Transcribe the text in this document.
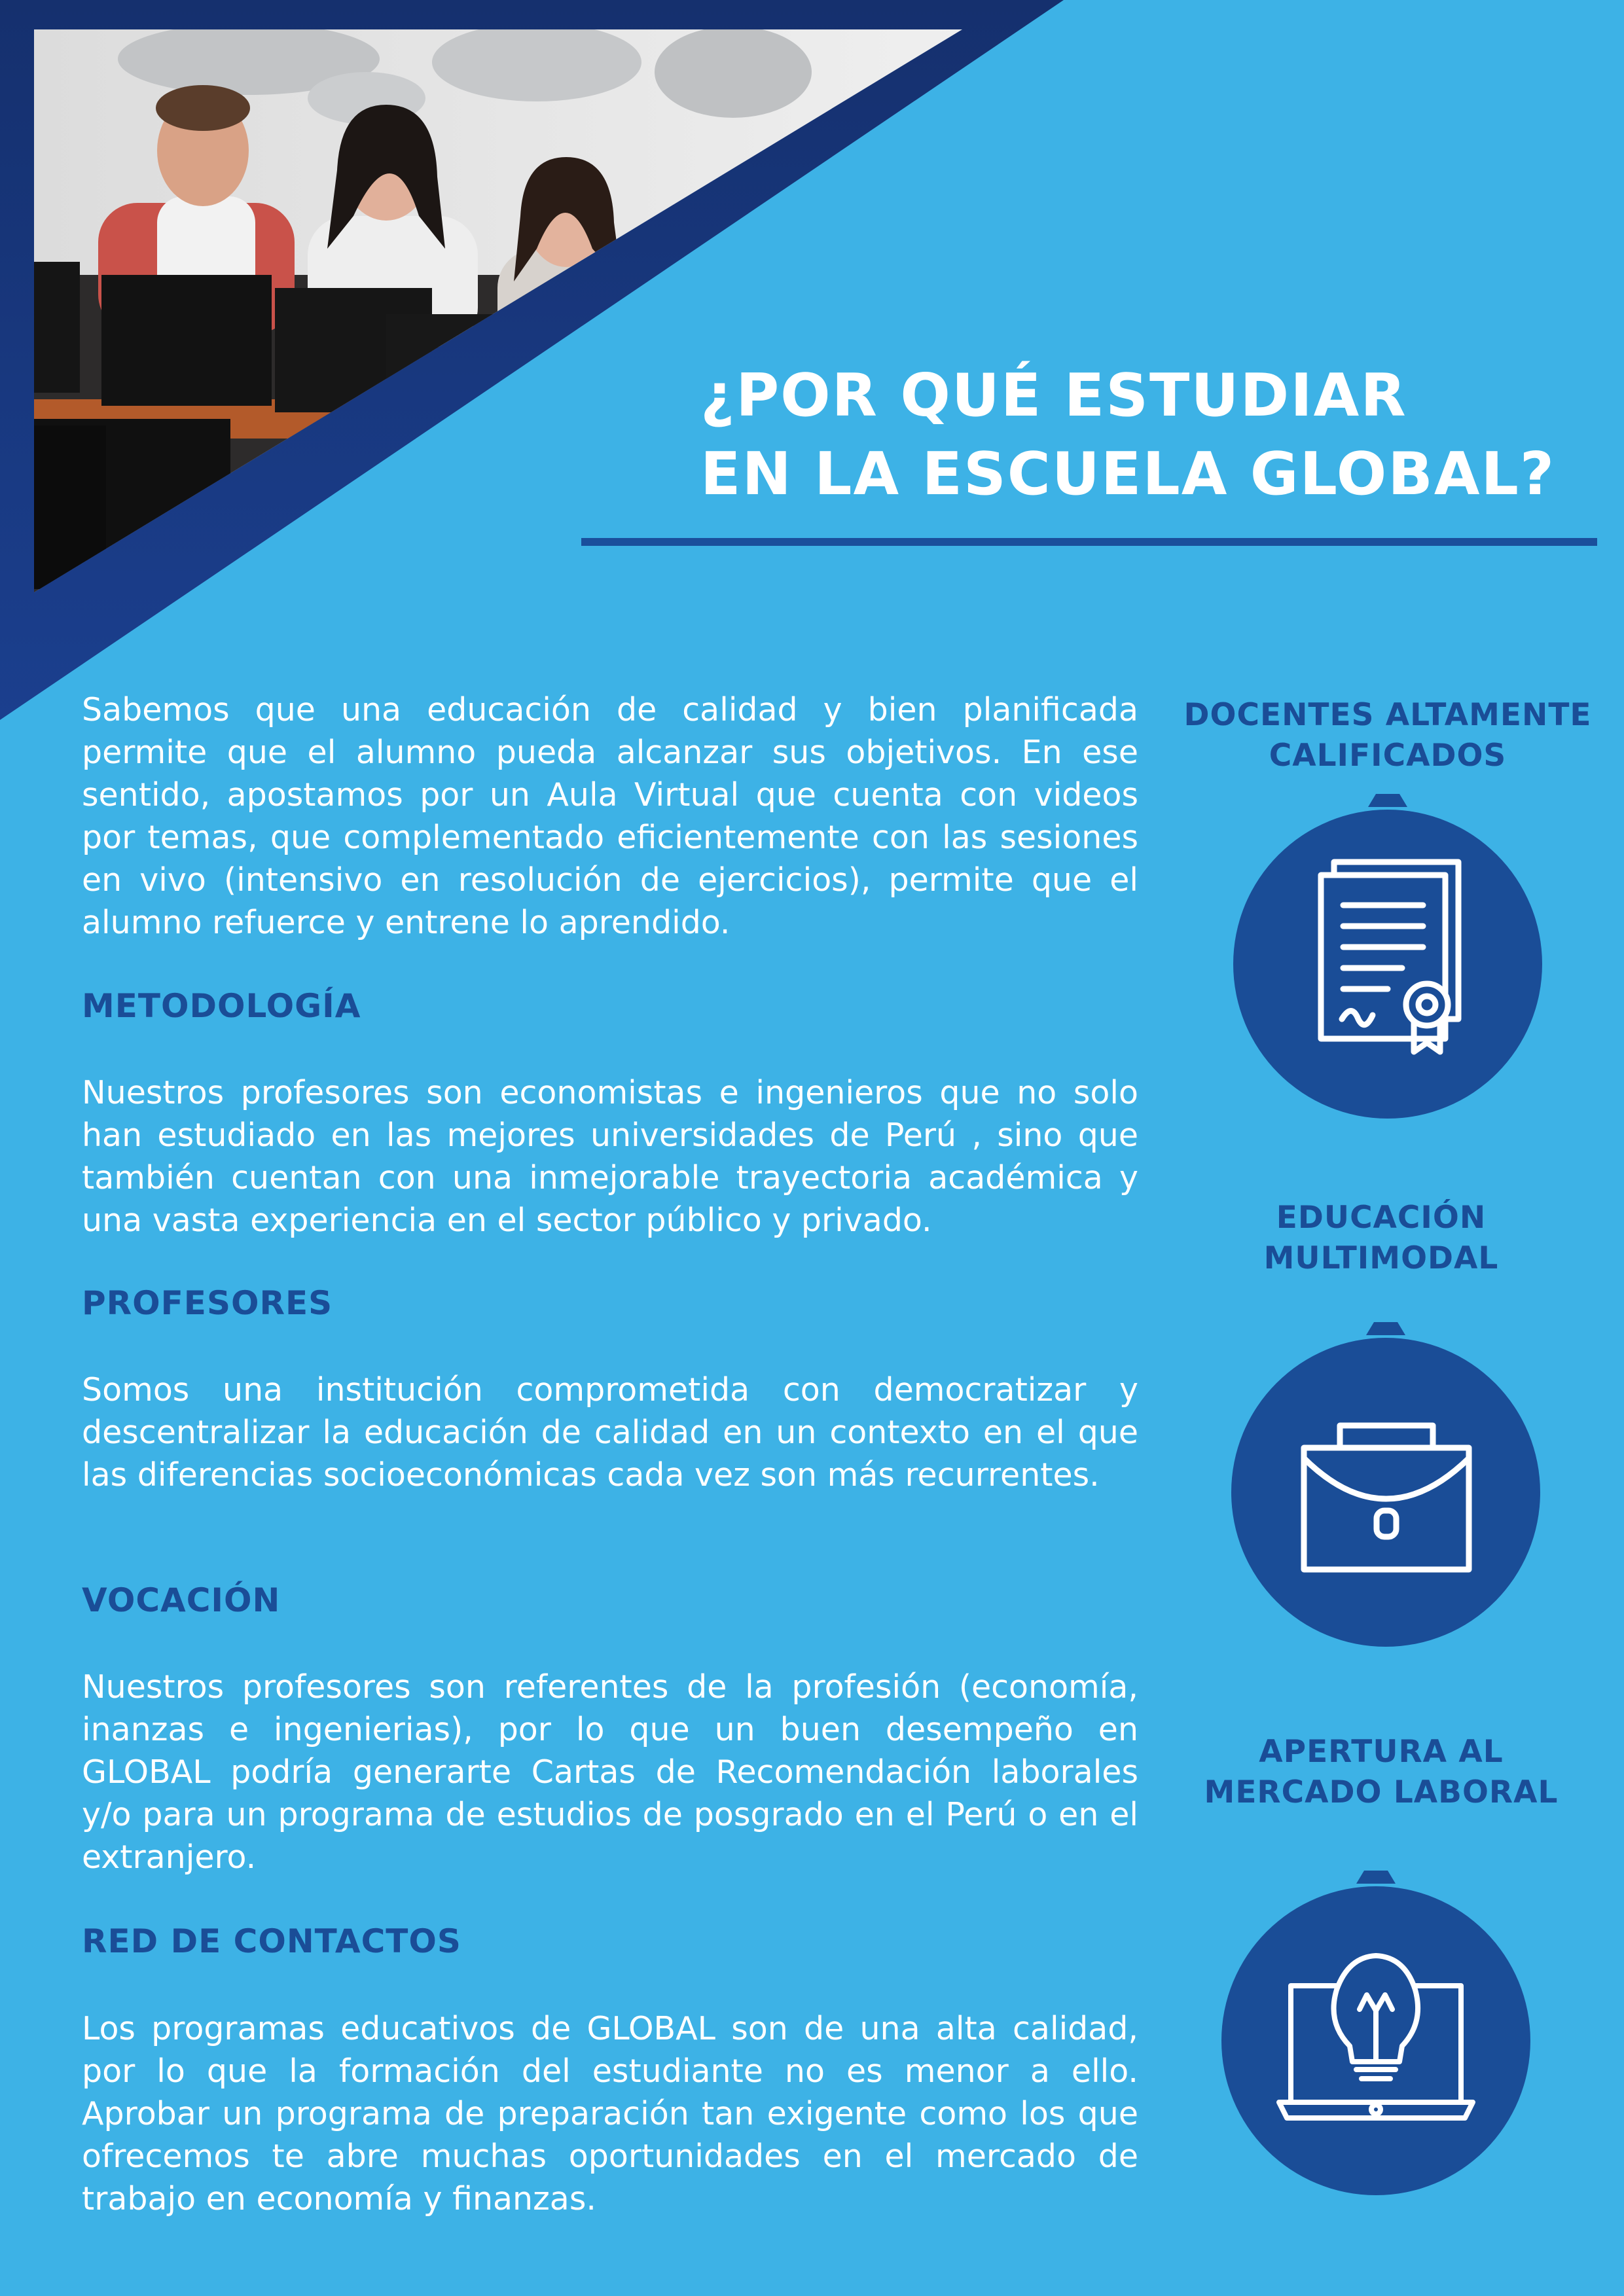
¿POR QUÉ ESTUDIAR
EN LA ESCUELA GLOBAL?

Sabemos que una educación de calidad y bien planificada permite que el alumno pueda alcanzar sus objetivos. En ese sentido, apostamos por un Aula Virtual que cuenta con videos por temas, que complementado eficientemente con las sesiones en vivo (intensivo en resolución de ejercicios), permite que el alumno refuerce y entrene lo aprendido.

METODOLOGÍA

Nuestros profesores son economistas e ingenieros que no solo han estudiado en las mejores universidades de Perú , sino que también cuentan con una inmejorable trayectoria académica y una vasta experiencia en el sector público y privado.

PROFESORES

Somos una institución comprometida con democratizar y descentralizar la educación de calidad en un contexto en el que las diferencias socioeconómicas cada vez son más recurrentes.

VOCACIÓN

Nuestros profesores son referentes de la profesión (economía, inanzas e ingenierias), por lo que un buen desempeño en GLOBAL podría generarte Cartas de Recomendación laborales y/o para un programa de estudios de posgrado en el Perú o en el extranjero.

RED DE CONTACTOS

Los programas educativos de GLOBAL son de una alta calidad, por lo que la formación del estudiante no es menor a ello. Aprobar un programa de preparación tan exigente como los que ofrecemos te abre muchas oportunidades en el mercado de trabajo en economía y finanzas.

DOCENTES ALTAMENTE
CALIFICADOS
EDUCACIÓN
MULTIMODAL
APERTURA AL
MERCADO LABORAL
